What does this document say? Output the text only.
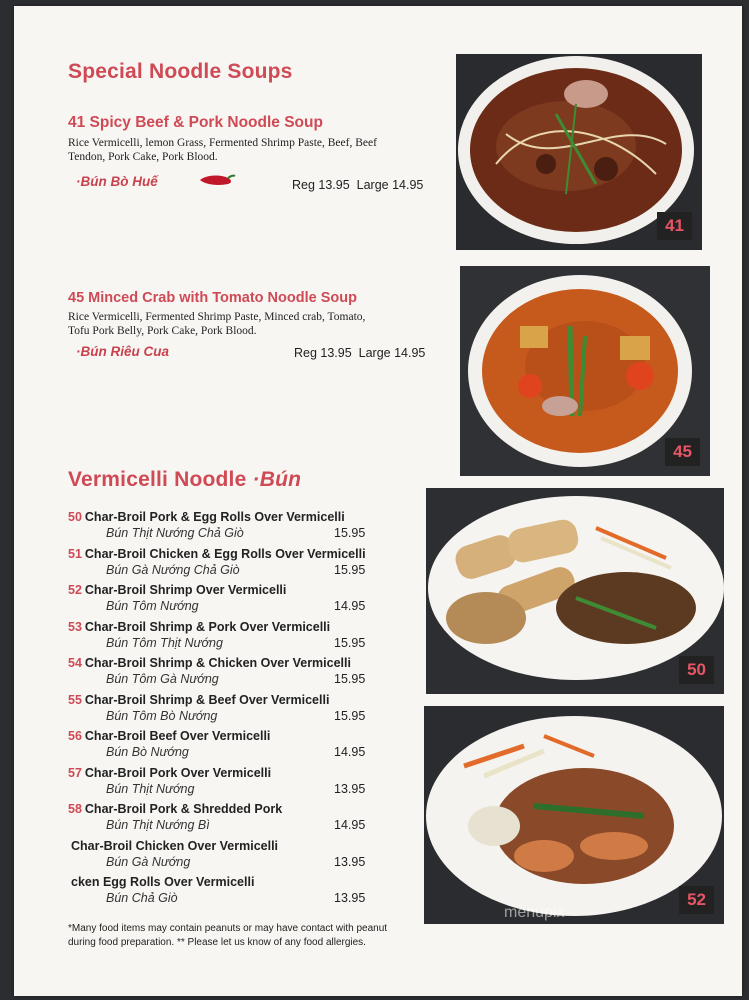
Special Noodle Soups
41 Spicy Beef & Pork Noodle Soup
Rice Vermicelli, lemon Grass, Fermented Shrimp Paste, Beef, Beef Tendon, Pork Cake, Pork Blood.
·Bún Bò Huế	Reg 13.95 Large 14.95
41
45 Minced Crab with Tomato Noodle Soup
Rice Vermicelli, Fermented Shrimp Paste, Minced crab, Tomato, Tofu Pork Belly, Pork Cake, Pork Blood.
·Bún Riêu Cua	Reg 13.95 Large 14.95
45
Vermicelli Noodle ·Bún
50 Char-Broil Pork & Egg Rolls Over Vermicelli
Bún Thịt Nướng Chả Giò	15.95
51 Char-Broil Chicken & Egg Rolls Over Vermicelli
Bún Gà Nướng Chả Giò	15.95
52 Char-Broil Shrimp Over Vermicelli
Bún Tôm Nướng	14.95
53 Char-Broil Shrimp & Pork Over Vermicelli
Bún Tôm Thịt Nướng	15.95
54 Char-Broil Shrimp & Chicken Over Vermicelli
Bún Tôm Gà Nướng	15.95
55 Char-Broil Shrimp & Beef Over Vermicelli
Bún Tôm Bò Nướng	15.95
56 Char-Broil Beef Over Vermicelli
Bún Bò Nướng	14.95
57 Char-Broil Pork Over Vermicelli
Bún Thịt Nướng	13.95
58 Char-Broil Pork & Shredded Pork
Bún Thịt Nướng Bì	14.95
Char-Broil Chicken Over Vermicelli
Bún Gà Nướng	13.95
cken Egg Rolls Over Vermicelli
Bún Chả Giò	13.95
50
52
*Many food items may contain peanuts or may have contact with peanut during food preparation. ** Please let us know of any food allergies.
menupix
